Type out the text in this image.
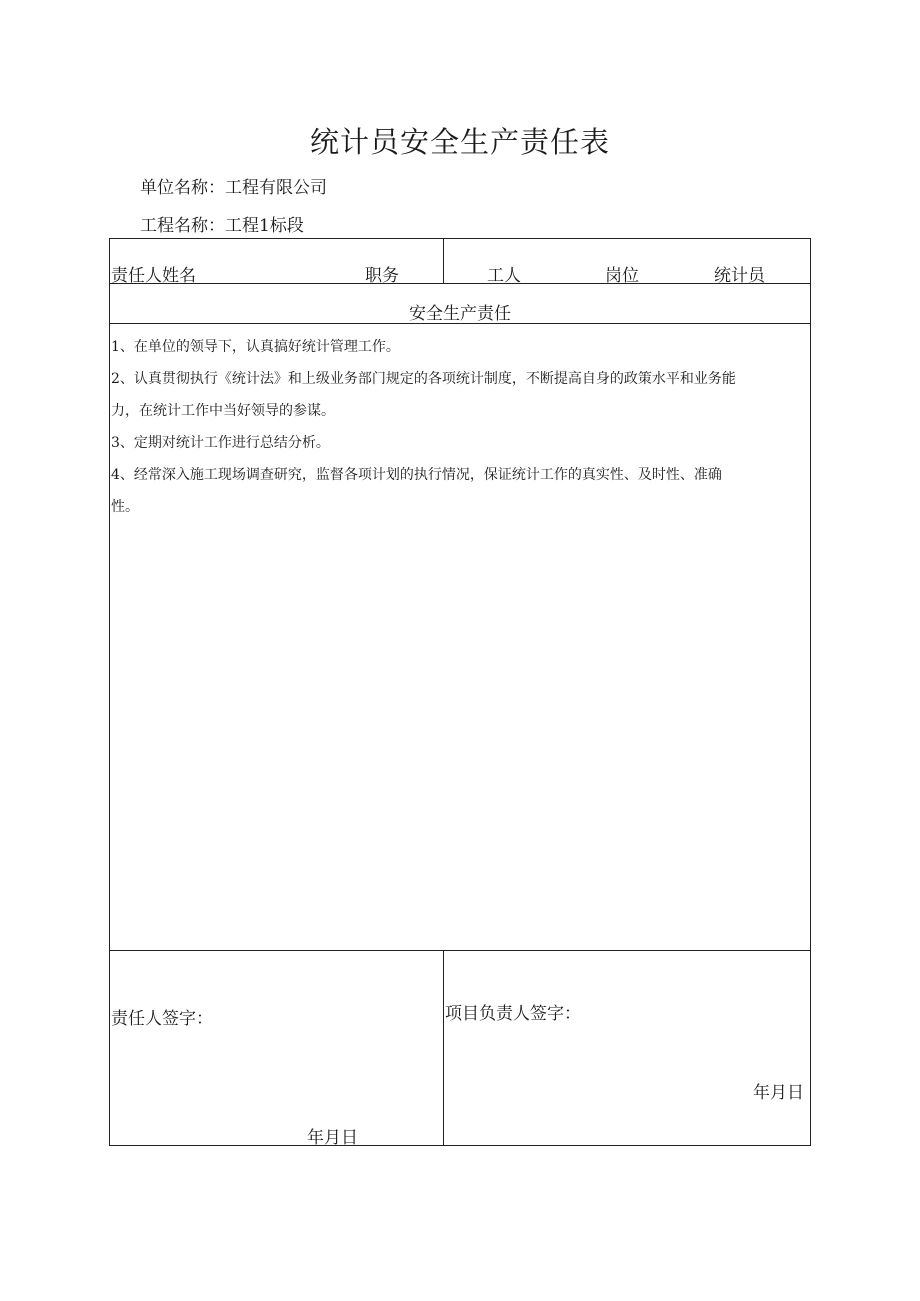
统计员安全生产责任表
单位名称：工程有限公司
工程名称：工程1标段
责任人姓名	职务	工人	岗位	统计员
安全生产责任
1、在单位的领导下，认真搞好统计管理工作。
2、认真贯彻执行《统计法》和上级业务部门规定的各项统计制度，不断提高自身的政策水平和业务能
力，在统计工作中当好领导的参谋。
3、定期对统计工作进行总结分析。
4、经常深入施工现场调查研究，监督各项计划的执行情况，保证统计工作的真实性、及时性、准确
性。
责任人签字：
年月日
项目负责人签字：
年月日
